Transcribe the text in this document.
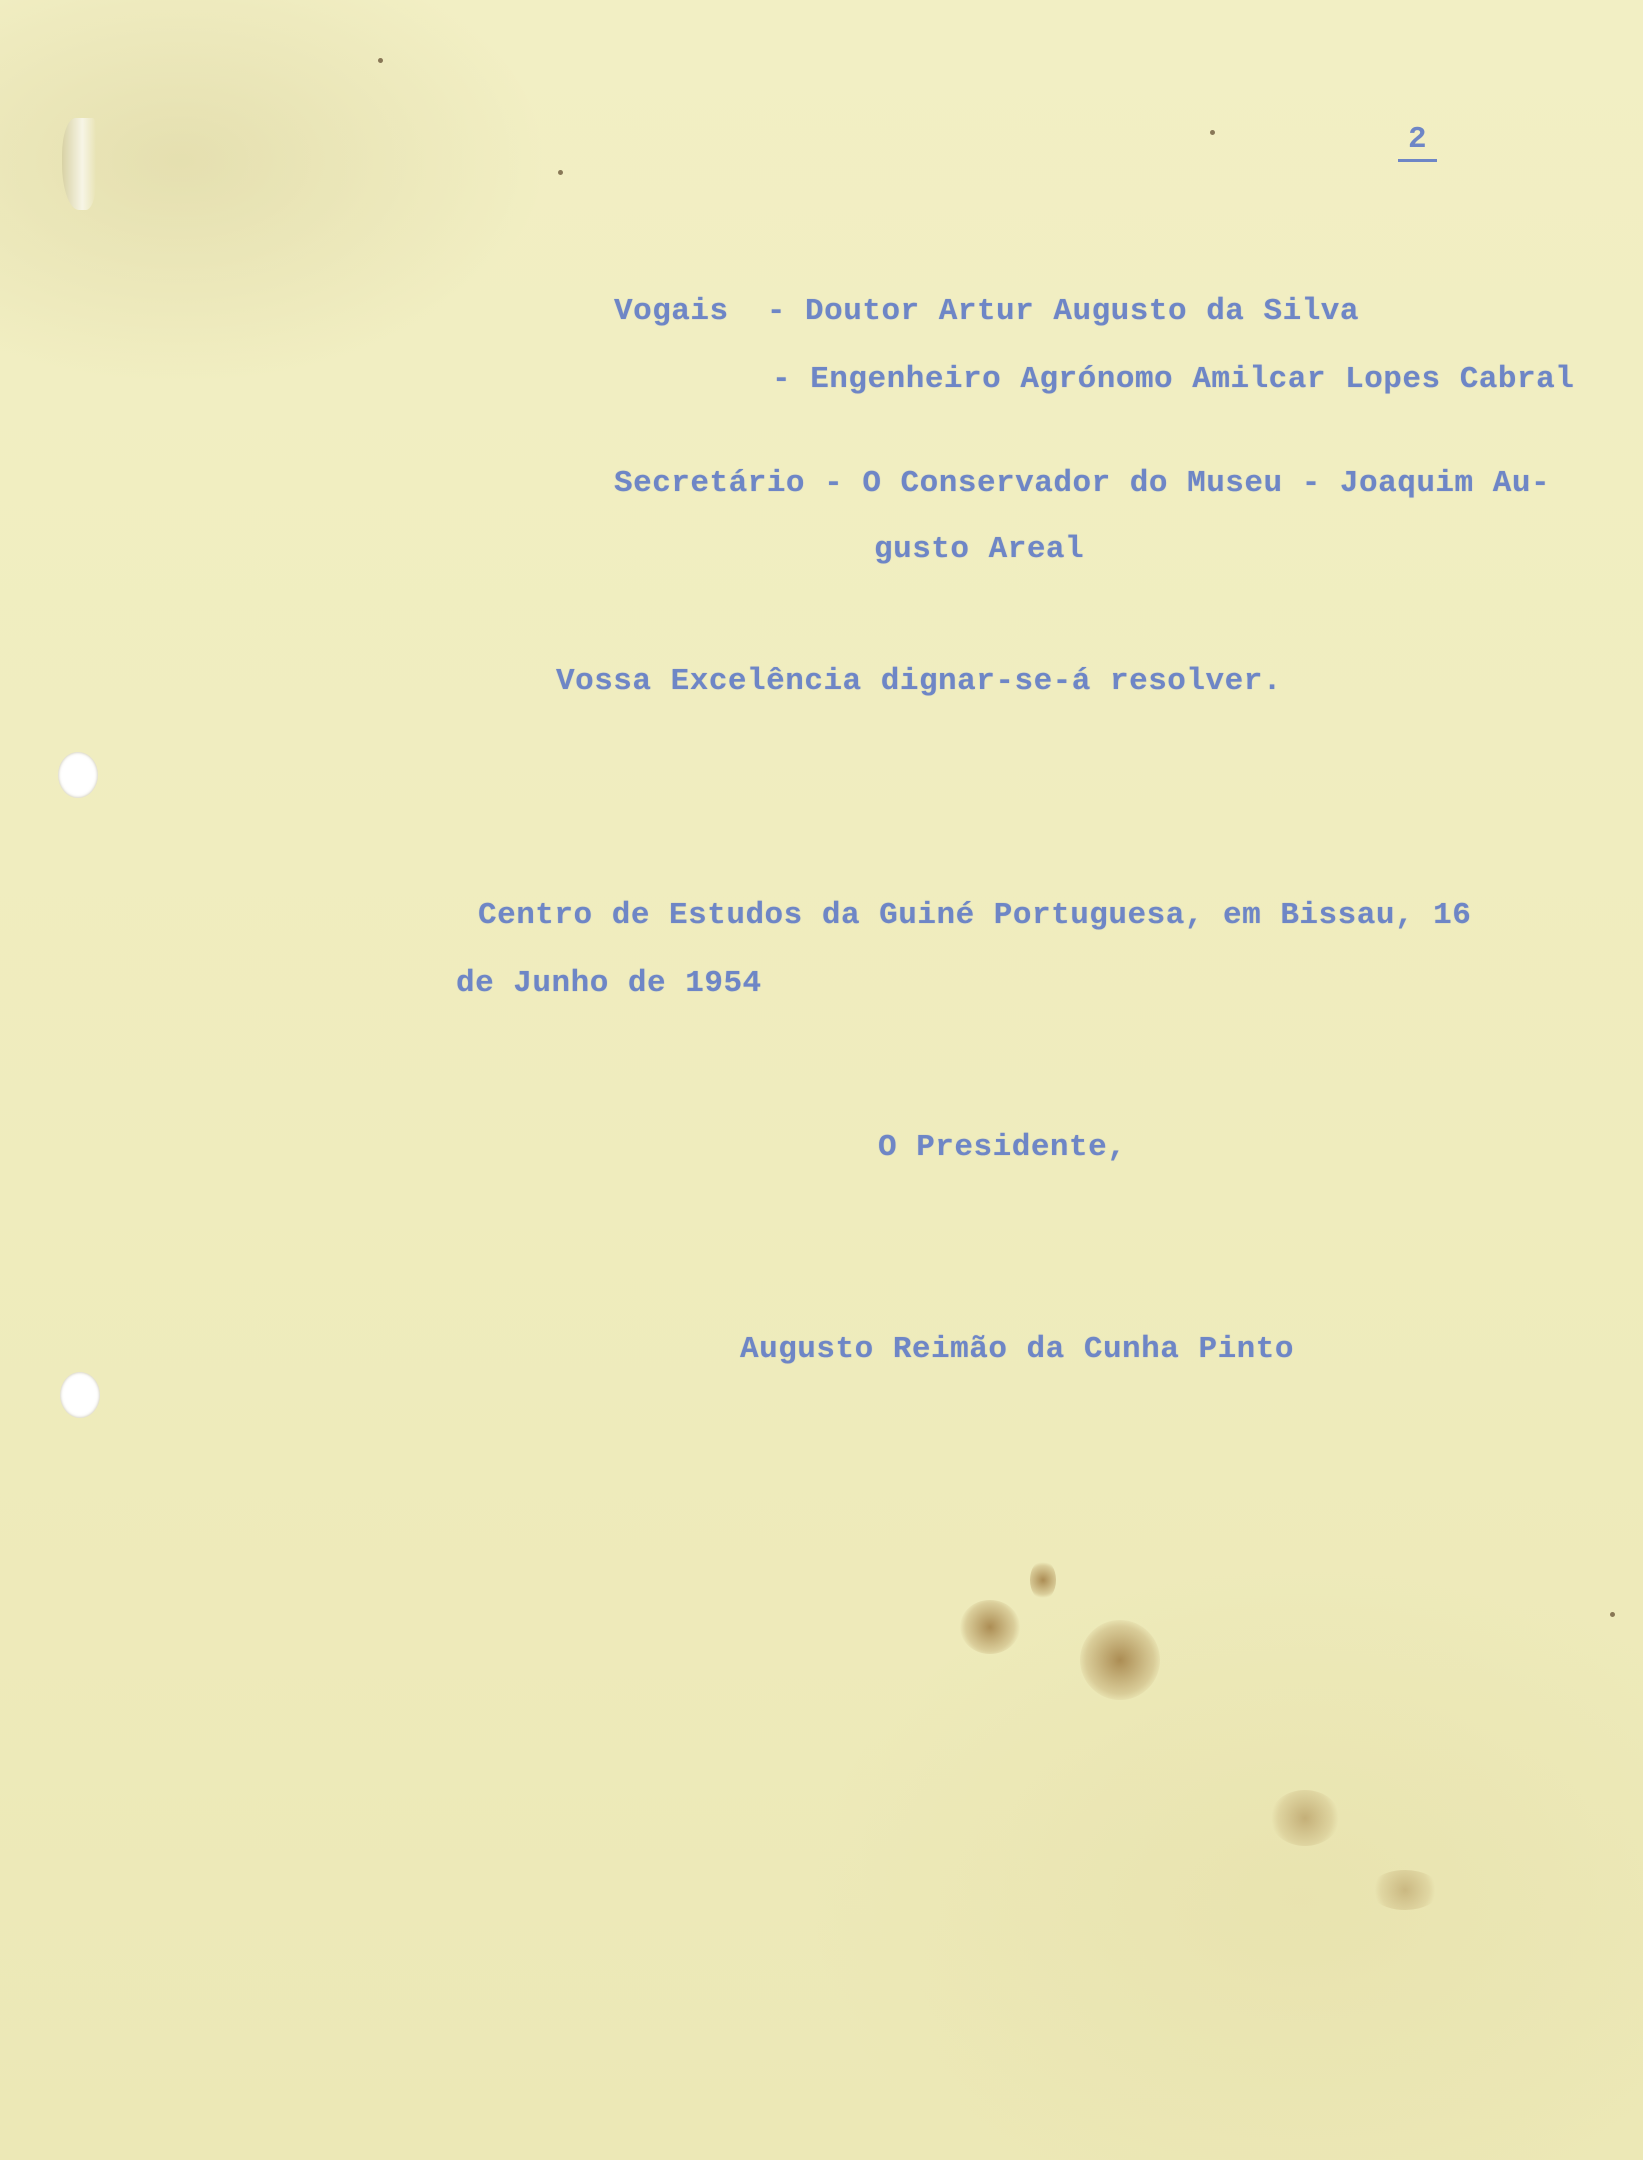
2

Vogais  - Doutor Artur Augusto da Silva

- Engenheiro Agrónomo Amilcar Lopes Cabral

Secretário - O Conservador do Museu - Joaquim Au-

gusto Areal

Vossa Excelência dignar-se-á resolver.

Centro de Estudos da Guiné Portuguesa, em Bissau, 16

de Junho de 1954

O Presidente,

Augusto Reimão da Cunha Pinto
